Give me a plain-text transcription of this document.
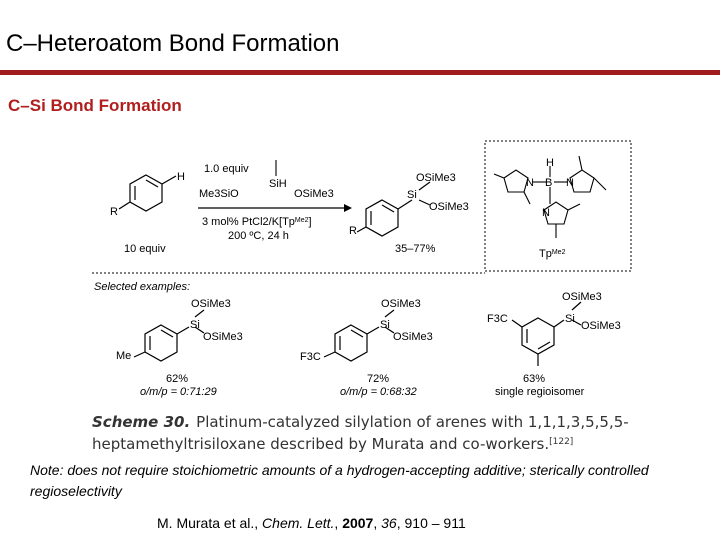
C–Heteroatom Bond Formation
C–Si Bond Formation
H
R
10 equiv
1.0 equiv
Me3SiO
SiH
OSiMe3
3 mol% $PtCl2/K[Tp^{Me2}]$
200 ºC, 24 h
Si
OSiMe3
OSiMe3
R
35–77%
H
B
N	N
N
$Tp^{Me2}$
Selected examples:
Si
OSiMe3
OSiMe3
Me
62%
o/m/p = 0:71:29
Si
OSiMe3
OSiMe3
F3C
72%
o/m/p = 0:68:32
Si
OSiMe3
OSiMe3
F3C
63%
single regioisomer
Scheme 30. Platinum-catalyzed silylation of arenes with 1,1,1,3,5,5,5-
heptamethyltrisiloxane described by Murata and co-workers.[122]
Note: does not require stoichiometric amounts of a hydrogen-accepting additive; sterically controlled regioselectivity
M. Murata et al., Chem. Lett., 2007, 36, 910 – 911
